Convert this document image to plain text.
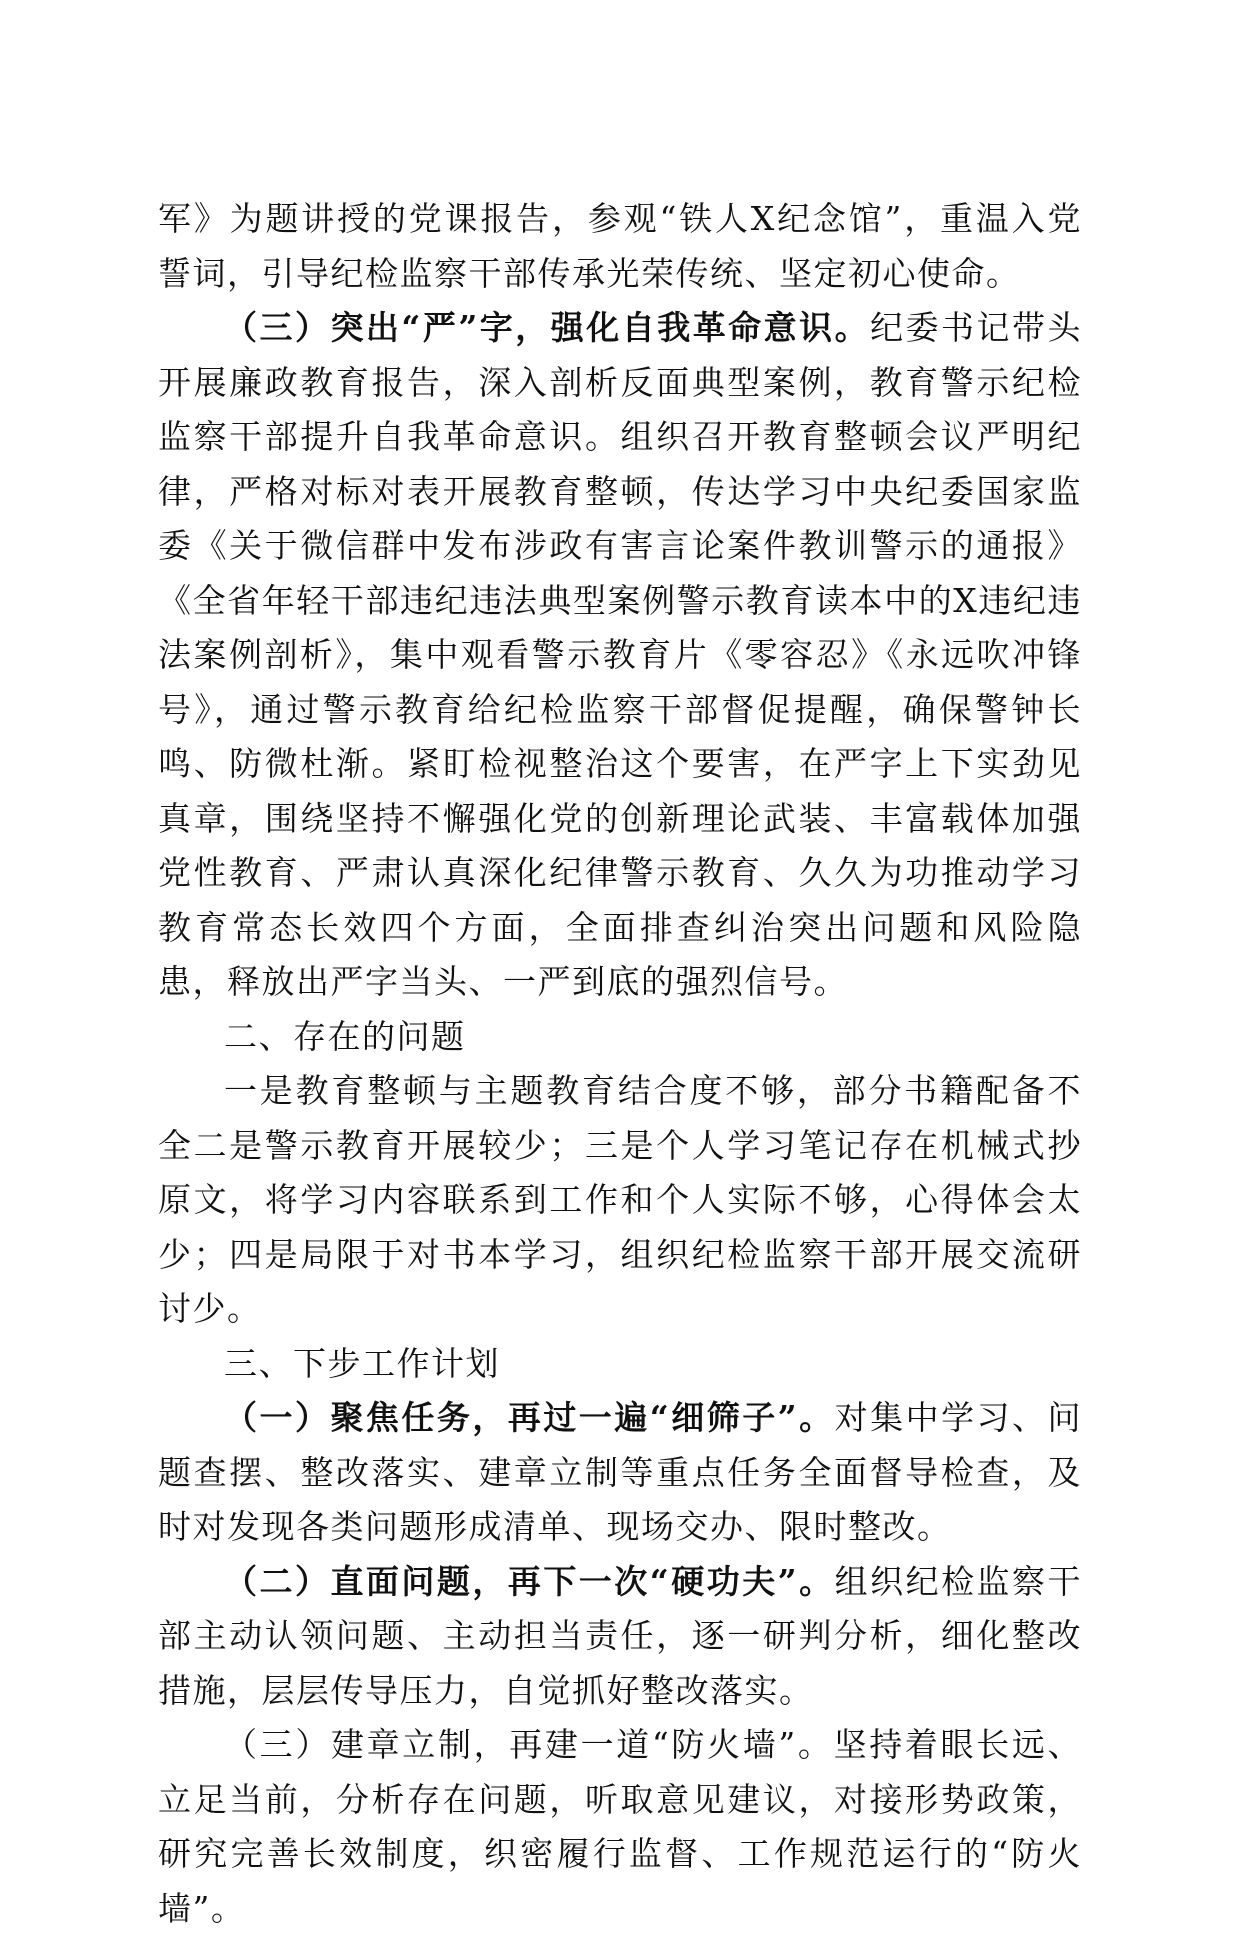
军》为题讲授的党课报告，参观“铁人X纪念馆”，重温入党誓词，引导纪检监察干部传承光荣传统、坚定初心使命。

（三）突出“严”字，强化自我革命意识。纪委书记带头开展廉政教育报告，深入剖析反面典型案例，教育警示纪检监察干部提升自我革命意识。组织召开教育整顿会议严明纪律，严格对标对表开展教育整顿，传达学习中央纪委国家监委《关于微信群中发布涉政有害言论案件教训警示的通报》《全省年轻干部违纪违法典型案例警示教育读本中的X违纪违法案例剖析》，集中观看警示教育片《零容忍》《永远吹冲锋号》，通过警示教育给纪检监察干部督促提醒，确保警钟长鸣、防微杜渐。紧盯检视整治这个要害，在严字上下实劲见真章，围绕坚持不懈强化党的创新理论武装、丰富载体加强党性教育、严肃认真深化纪律警示教育、久久为功推动学习教育常态长效四个方面，全面排查纠治突出问题和风险隐患，释放出严字当头、一严到底的强烈信号。

二、存在的问题

一是教育整顿与主题教育结合度不够，部分书籍配备不全二是警示教育开展较少；三是个人学习笔记存在机械式抄原文，将学习内容联系到工作和个人实际不够，心得体会太少；四是局限于对书本学习，组织纪检监察干部开展交流研讨少。

三、下步工作计划

（一）聚焦任务，再过一遍“细筛子”。对集中学习、问题查摆、整改落实、建章立制等重点任务全面督导检查，及时对发现各类问题形成清单、现场交办、限时整改。

（二）直面问题，再下一次“硬功夫”。组织纪检监察干部主动认领问题、主动担当责任，逐一研判分析，细化整改措施，层层传导压力，自觉抓好整改落实。

（三）建章立制，再建一道“防火墙”。坚持着眼长远、立足当前，分析存在问题，听取意见建议，对接形势政策，研究完善长效制度，织密履行监督、工作规范运行的“防火墙”。
